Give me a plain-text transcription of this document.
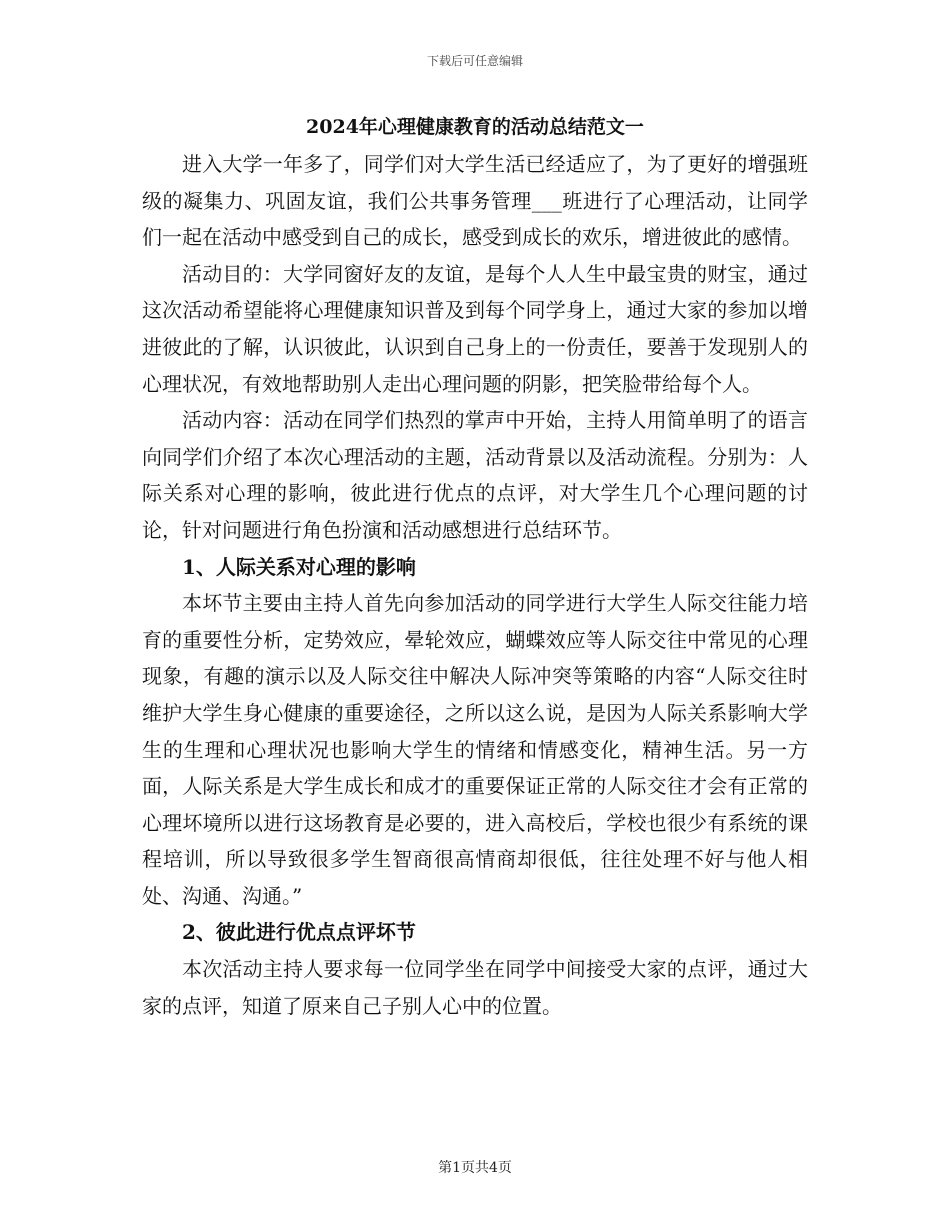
下载后可任意编辑
2024年心理健康教育的活动总结范文一

进入大学一年多了，同学们对大学生活已经适应了，为了更好的增强班级的凝集力、巩固友谊，我们公共事务管理___班进行了心理活动，让同学们一起在活动中感受到自己的成长，感受到成长的欢乐，增进彼此的感情。

活动目的：大学同窗好友的友谊，是每个人人生中最宝贵的财宝，通过这次活动希望能将心理健康知识普及到每个同学身上，通过大家的参加以增进彼此的了解，认识彼此，认识到自己身上的一份责任，要善于发现别人的心理状况，有效地帮助别人走出心理问题的阴影，把笑脸带给每个人。

活动内容：活动在同学们热烈的掌声中开始，主持人用简单明了的语言向同学们介绍了本次心理活动的主题，活动背景以及活动流程。分别为：人际关系对心理的影响，彼此进行优点的点评，对大学生几个心理问题的讨论，针对问题进行角色扮演和活动感想进行总结环节。

1、人际关系对心理的影响

本坏节主要由主持人首先向参加活动的同学进行大学生人际交往能力培育的重要性分析，定势效应，晕轮效应，蝴蝶效应等人际交往中常见的心理现象，有趣的演示以及人际交往中解决人际冲突等策略的内容“人际交往时维护大学生身心健康的重要途径，之所以这么说，是因为人际关系影响大学生的生理和心理状况也影响大学生的情绪和情感变化，精神生活。另一方面，人际关系是大学生成长和成才的重要保证正常的人际交往才会有正常的心理坏境所以进行这场教育是必要的，进入高校后，学校也很少有系统的课程培训，所以导致很多学生智商很高情商却很低，往往处理不好与他人相处、沟通、沟通。”

2、彼此进行优点点评坏节

本次活动主持人要求每一位同学坐在同学中间接受大家的点评，通过大家的点评，知道了原来自己子别人心中的位置。

第1页共4页
